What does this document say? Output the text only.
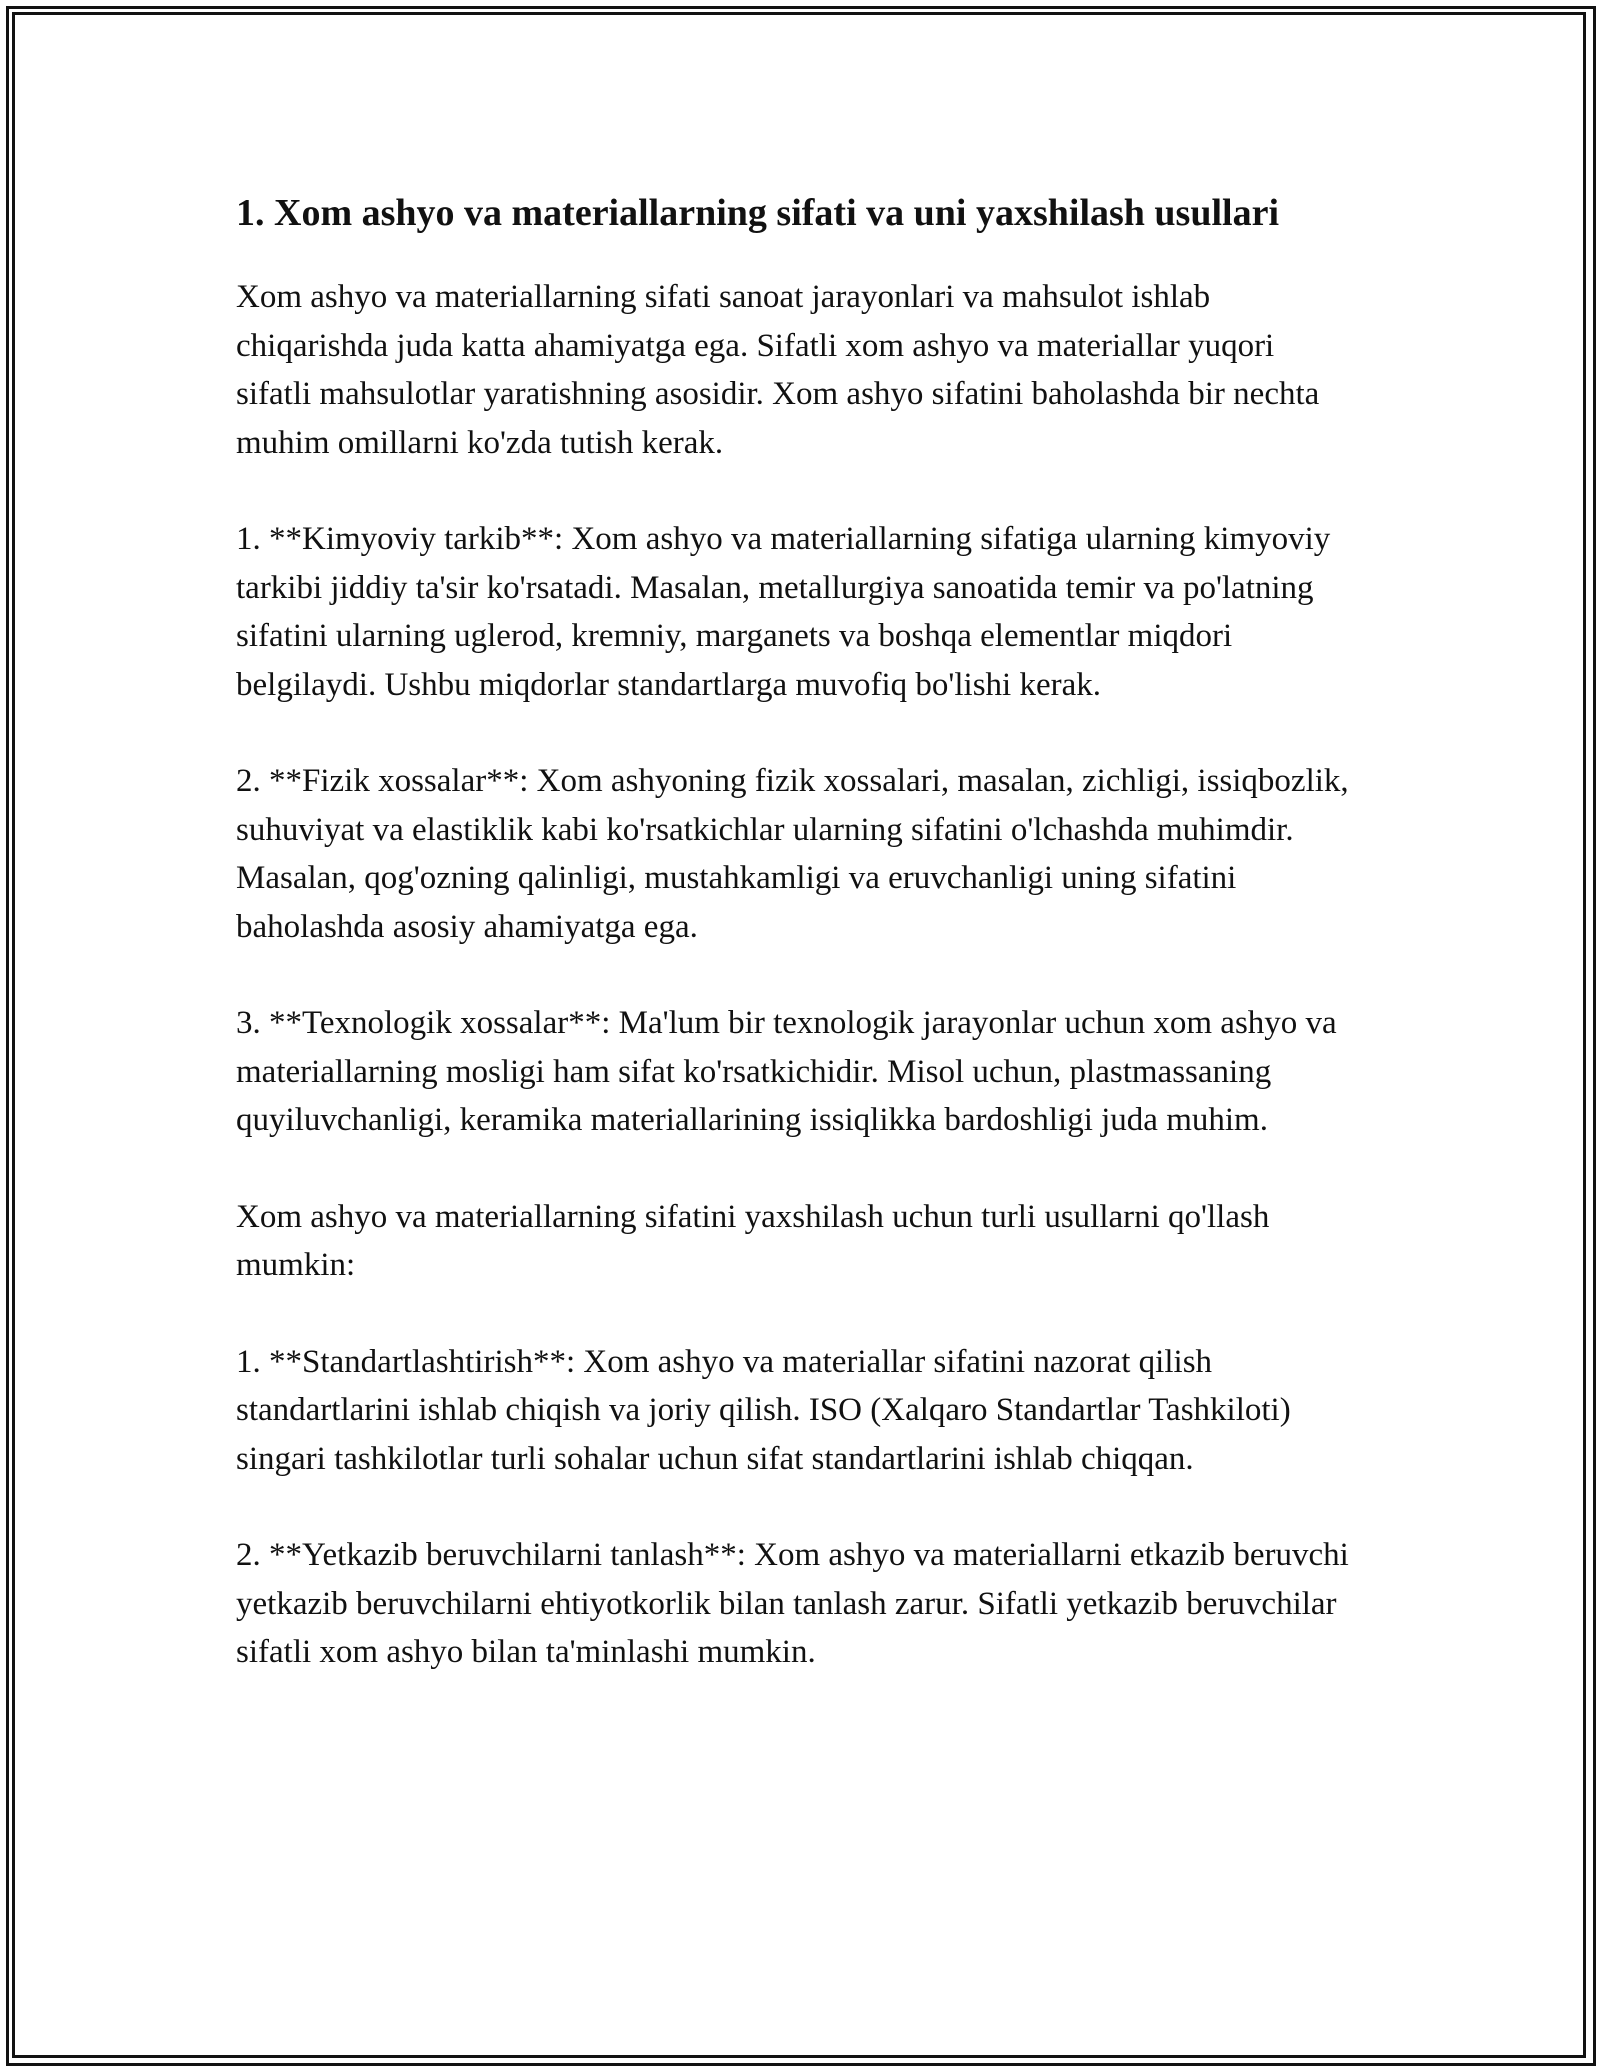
1. Xom ashyo va materiallarning sifati va uni yaxshilash usullari

Xom ashyo va materiallarning sifati sanoat jarayonlari va mahsulot ishlab chiqarishda juda katta ahamiyatga ega. Sifatli xom ashyo va materiallar yuqori sifatli mahsulotlar yaratishning asosidir. Xom ashyo sifatini baholashda bir nechta muhim omillarni ko'zda tutish kerak.

1. **Kimyoviy tarkib**: Xom ashyo va materiallarning sifatiga ularning kimyoviy tarkibi jiddiy ta'sir ko'rsatadi. Masalan, metallurgiya sanoatida temir va po'latning sifatini ularning uglerod, kremniy, marganets va boshqa elementlar miqdori belgilaydi. Ushbu miqdorlar standartlarga muvofiq bo'lishi kerak.

2. **Fizik xossalar**: Xom ashyoning fizik xossalari, masalan, zichligi, issiqbozlik, suhuviyat va elastiklik kabi ko'rsatkichlar ularning sifatini o'lchashda muhimdir. Masalan, qog'ozning qalinligi, mustahkamligi va eruvchanligi uning sifatini baholashda asosiy ahamiyatga ega.

3. **Texnologik xossalar**: Ma'lum bir texnologik jarayonlar uchun xom ashyo va materiallarning mosligi ham sifat ko'rsatkichidir. Misol uchun, plastmassaning quyiluvchanligi, keramika materiallarining issiqlikka bardoshligi juda muhim.

Xom ashyo va materiallarning sifatini yaxshilash uchun turli usullarni qo'llash mumkin:

1. **Standartlashtirish**: Xom ashyo va materiallar sifatini nazorat qilish standartlarini ishlab chiqish va joriy qilish. ISO (Xalqaro Standartlar Tashkiloti) singari tashkilotlar turli sohalar uchun sifat standartlarini ishlab chiqqan.

2. **Yetkazib beruvchilarni tanlash**: Xom ashyo va materiallarni etkazib beruvchi yetkazib beruvchilarni ehtiyotkorlik bilan tanlash zarur. Sifatli yetkazib beruvchilar sifatli xom ashyo bilan ta'minlashi mumkin.
